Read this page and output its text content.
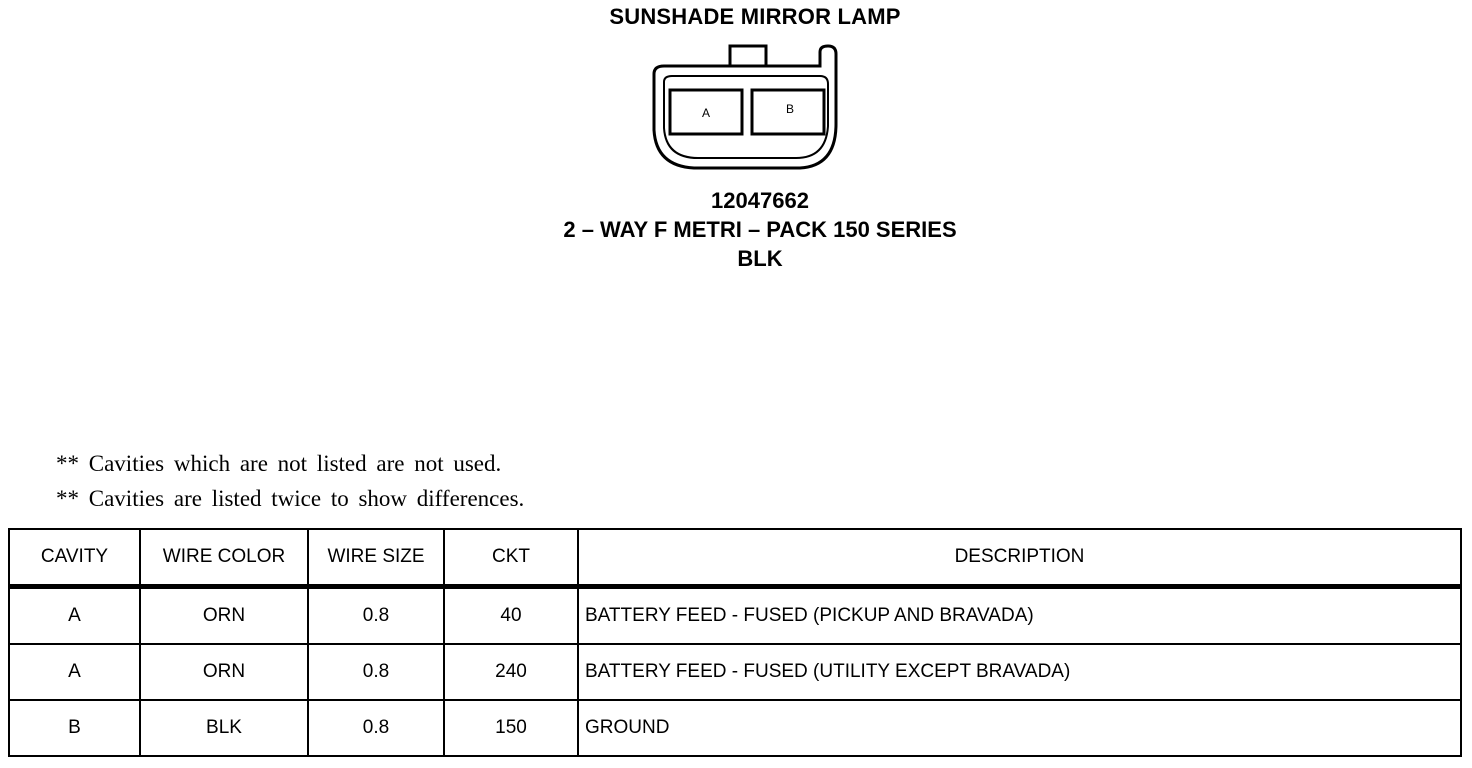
SUNSHADE MIRROR LAMP
A	B
12047662
2 – WAY F METRI – PACK 150 SERIES
BLK
** Cavities which are not listed are not used.
** Cavities are listed twice to show differences.
CAVITY	WIRE COLOR	WIRE SIZE	CKT	DESCRIPTION
A	ORN	0.8	40	BATTERY FEED - FUSED (PICKUP AND BRAVADA)
A	ORN	0.8	240	BATTERY FEED - FUSED (UTILITY EXCEPT BRAVADA)
B	BLK	0.8	150	GROUND
